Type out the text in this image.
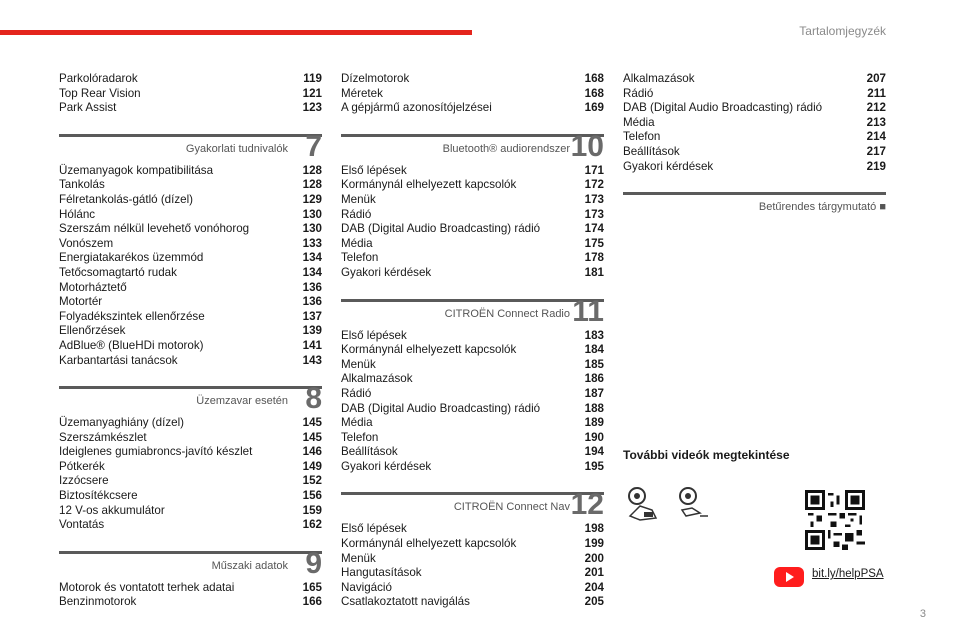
Tartalomjegyzék
Parkolóradarok	119
Top Rear Vision	121
Park Assist	123
Gyakorlati tudnivalók 7
Üzemanyagok kompatibilitása	128
Tankolás	128
Félretankolás-gátló (dízel)	129
Hólánc	130
Szerszám nélkül levehető vonóhorog	130
Vonószem	133
Energiatakarékos üzemmód	134
Tetőcsomagtartó rudak	134
Motorháztető	136
Motortér	136
Folyadékszintek ellenőrzése	137
Ellenőrzések	139
AdBlue® (BlueHDi motorok)	141
Karbantartási tanácsok	143
Üzemzavar esetén 8
Üzemanyaghiány (dízel)	145
Szerszámkészlet	145
Ideiglenes gumiabroncs-javító készlet	146
Pótkerék	149
Izzócsere	152
Biztosítékcsere	156
12 V-os akkumulátor	159
Vontatás	162
Műszaki adatok 9
Motorok és vontatott terhek adatai	165
Benzinmotorok	166
Dízelmotorok	168
Méretek	168
A gépjármű azonosítójelzései	169
Bluetooth® audiorendszer 10
Első lépések	171
Kormánynál elhelyezett kapcsolók	172
Menük	173
Rádió	173
DAB (Digital Audio Broadcasting) rádió	174
Média	175
Telefon	178
Gyakori kérdések	181
CITROËN Connect Radio 11
Első lépések	183
Kormánynál elhelyezett kapcsolók	184
Menük	185
Alkalmazások	186
Rádió	187
DAB (Digital Audio Broadcasting) rádió	188
Média	189
Telefon	190
Beállítások	194
Gyakori kérdések	195
CITROËN Connect Nav 12
Első lépések	198
Kormánynál elhelyezett kapcsolók	199
Menük	200
Hangutasítások	201
Navigáció	204
Csatlakoztatott navigálás	205
Alkalmazások	207
Rádió	211
DAB (Digital Audio Broadcasting) rádió	212
Média	213
Telefon	214
Beállítások	217
Gyakori kérdések	219
Betűrendes tárgymutató ■
További videók megtekintése
bit.ly/helpPSA
3
